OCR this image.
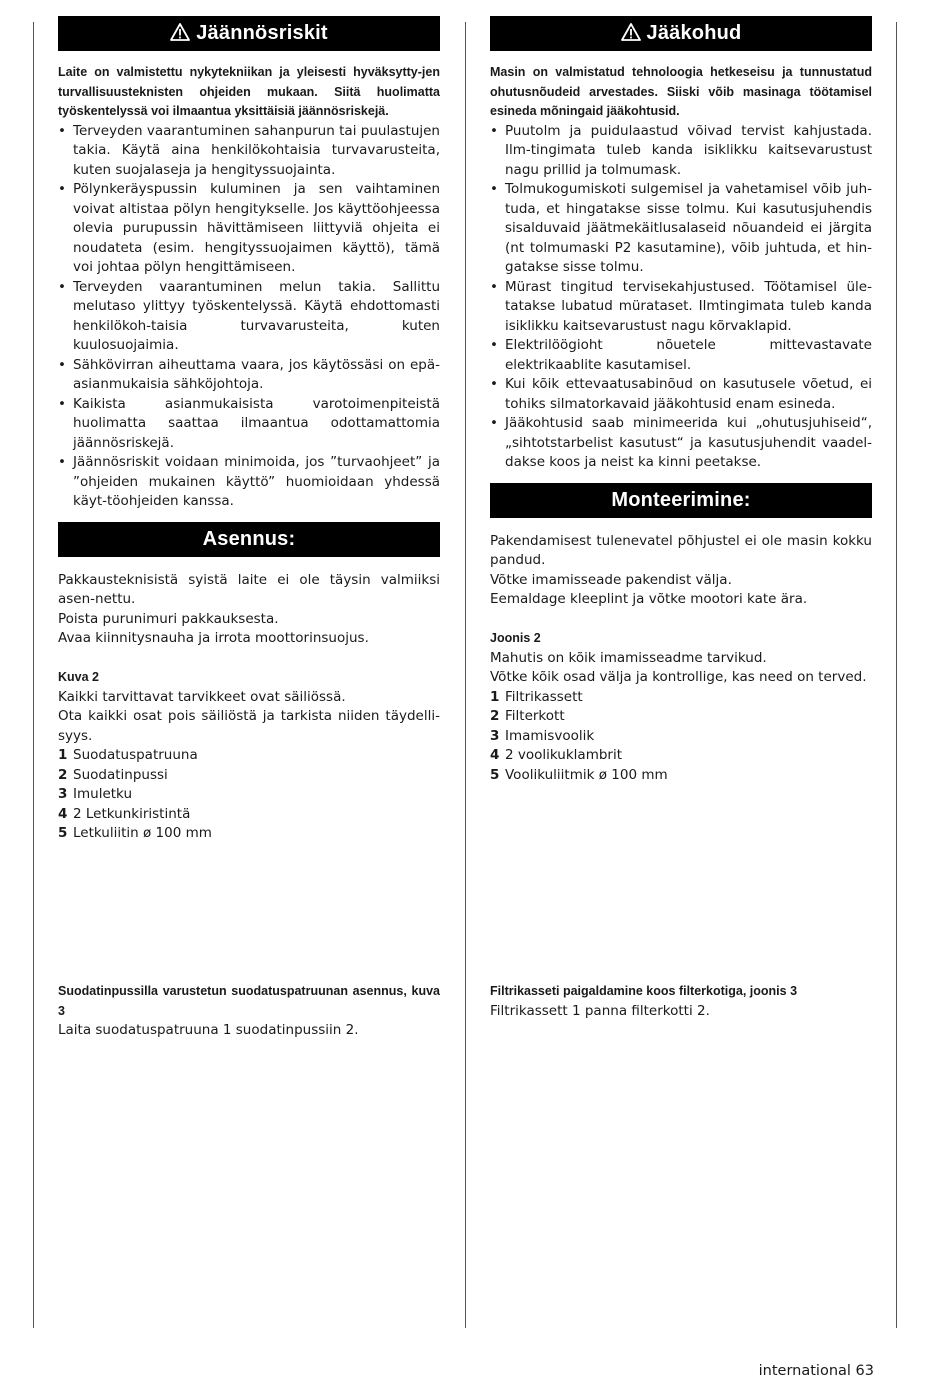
Jäännösriskit

Laite on valmistettu nykytekniikan ja yleisesti hyväksytty-jen turvallisuusteknisten ohjeiden mukaan. Siitä huolimatta työskentelyssä voi ilmaantua yksittäisiä jäännösriskejä.

• Terveyden vaarantuminen sahanpurun tai puulastujen takia. Käytä aina henkilökohtaisia turvavarusteita, kuten suojalaseja ja hengityssuojainta.
• Pölynkeräyspussin kuluminen ja sen vaihtaminen voivat altistaa pölyn hengitykselle. Jos käyttöohjeessa olevia purupussin hävittämiseen liittyviä ohjeita ei noudateta (esim. hengityssuojaimen käyttö), tämä voi johtaa pölyn hengittämiseen.
• Terveyden vaarantuminen melun takia. Sallittu melutaso ylittyy työskentelyssä. Käytä ehdottomasti henkilökoh-taisia turvavarusteita, kuten kuulosuojaimia.
• Sähkövirran aiheuttama vaara, jos käytössäsi on epä-asianmukaisia sähköjohtoja.
• Kaikista asianmukaisista varotoimenpiteistä huolimatta saattaa ilmaantua odottamattomia jäännösriskejä.
• Jäännösriskit voidaan minimoida, jos ”turvaohjeet” ja ”ohjeiden mukainen käyttö” huomioidaan yhdessä käyt-töohjeiden kanssa.
Asennus:

Pakkausteknisistä syistä laite ei ole täysin valmiiksi asen-nettu.

Poista purunimuri pakkauksesta.

Avaa kiinnitysnauha ja irrota moottorinsuojus.

Kuva 2

Kaikki tarvittavat tarvikkeet ovat säiliössä.

Ota kaikki osat pois säiliöstä ja tarkista niiden täydelli-syys.

1 Suodatuspatruuna
2 Suodatinpussi
3 Imuletku
4 2 Letkunkiristintä
5 Letkuliitin ø 100 mm

Suodatinpussilla varustetun suodatuspatruunan asennus, kuva 3

Laita suodatuspatruuna 1 suodatinpussiin 2.

Jääkohud

Masin on valmistatud tehnoloogia hetkeseisu ja tunnustatud ohutusnõudeid arvestades. Siiski võib masinaga töötamisel esineda mõningaid jääkohtusid.

• Puutolm ja puidulaastud võivad tervist kahjustada. Ilm-tingimata tuleb kanda isiklikku kaitsevarustust nagu prillid ja tolmumask.
• Tolmukogumiskoti sulgemisel ja vahetamisel võib juh-tuda, et hingatakse sisse tolmu. Kui kasutusjuhendis sisalduvaid jäätmekäitlusalaseid nõuandeid ei järgita (nt tolmumaski P2 kasutamine), võib juhtuda, et hin-gatakse sisse tolmu.
• Mürast tingitud tervisekahjustused. Töötamisel üle-tatakse lubatud mürataset. Ilmtingimata tuleb kanda isiklikku kaitsevarustust nagu kõrvaklapid.
• Elektrilöögioht nõuetele mittevastavate elektrikaablite kasutamisel.
• Kui kõik ettevaatusabinõud on kasutusele võetud, ei tohiks silmatorkavaid jääkohtusid enam esineda.
• Jääkohtusid saab minimeerida kui „ohutusjuhiseid“, „sihtotstarbelist kasutust“ ja kasutusjuhendit vaadel-dakse koos ja neist ka kinni peetakse.
Monteerimine:

Pakendamisest tulenevatel põhjustel ei ole masin kokku pandud.

Võtke imamisseade pakendist välja.

Eemaldage kleeplint ja võtke mootori kate ära.

Joonis 2

Mahutis on kõik imamisseadme tarvikud.

Võtke kõik osad välja ja kontrollige, kas need on terved.

1 Filtrikassett
2 Filterkott
3 Imamisvoolik
4 2 voolikuklambrit
5 Voolikuliitmik ø 100 mm

Filtrikasseti paigaldamine koos filterkotiga, joonis 3

Filtrikassett 1 panna filterkotti 2.

international 63
